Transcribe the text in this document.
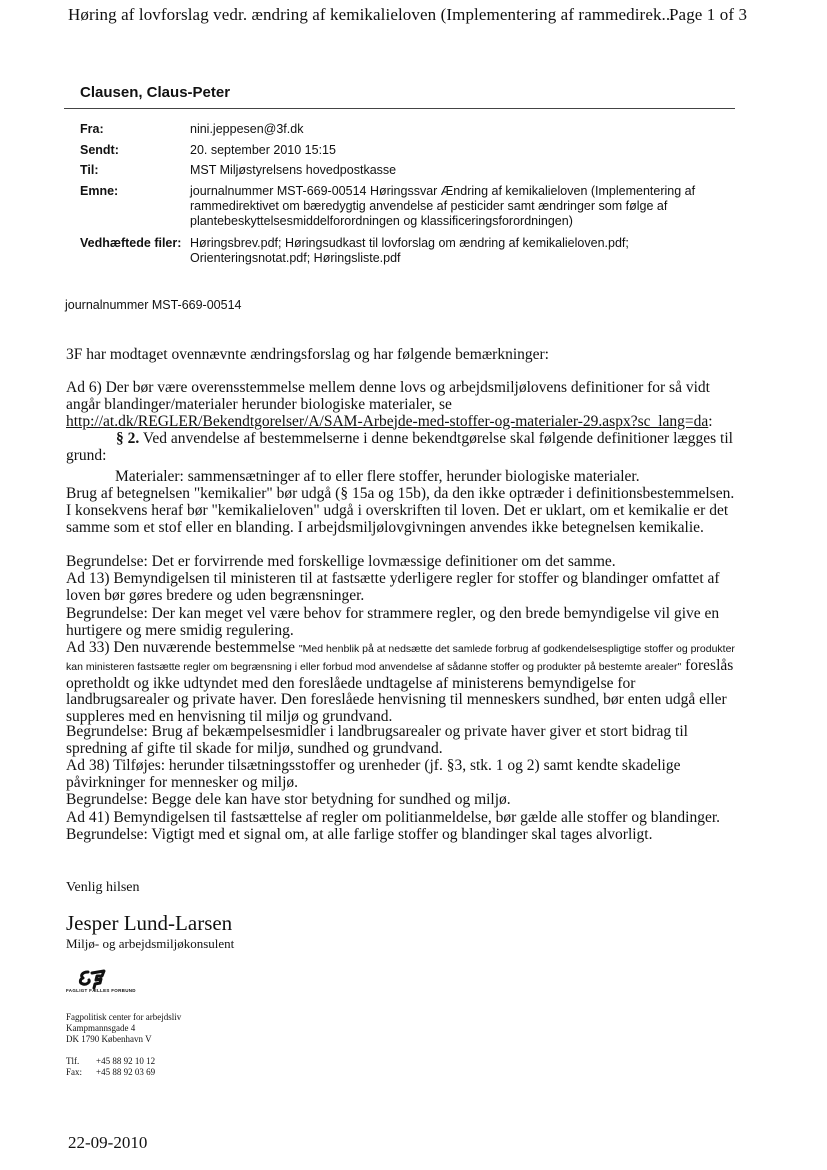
Høring af lovforslag vedr. ændring af kemikalieloven (Implementering af rammedirek...
Page 1 of 3
Clausen, Claus-Peter
Fra:	nini.jeppesen@3f.dk
Sendt:	20. september 2010 15:15
Til:	MST Miljøstyrelsens hovedpostkasse
Emne:	journalnummer MST-669-00514 Høringssvar Ændring af kemikalieloven (Implementering af rammedirektivet om bæredygtig anvendelse af pesticider samt ændringer som følge af plantebeskyttelsesmiddelforordningen og klassificeringsforordningen)
Vedhæftede filer: Høringsbrev.pdf; Høringsudkast til lovforslag om ændring af kemikalieloven.pdf; Orienteringsnotat.pdf; Høringsliste.pdf
journalnummer MST-669-00514
3F har modtaget ovennævnte ændringsforslag og har følgende bemærkninger:
Ad 6) Der bør være overensstemmelse mellem denne lovs og arbejdsmiljølovens definitioner for så vidt angår blandinger/materialer herunder biologiske materialer, se
http://at.dk/REGLER/Bekendtgorelser/A/SAM-Arbejde-med-stoffer-og-materialer-29.aspx?sc_lang=da:
§ 2. Ved anvendelse af bestemmelserne i denne bekendtgørelse skal følgende definitioner lægges til grund:
Materialer: sammensætninger af to eller flere stoffer, herunder biologiske materialer.
Brug af betegnelsen "kemikalier" bør udgå (§ 15a og 15b), da den ikke optræder i definitionsbestemmelsen. I konsekvens heraf bør "kemikalieloven" udgå i overskriften til loven. Det er uklart, om et kemikalie er det samme som et stof eller en blanding. I arbejdsmiljølovgivningen anvendes ikke betegnelsen kemikalie.
Begrundelse: Det er forvirrende med forskellige lovmæssige definitioner om det samme.
Ad 13) Bemyndigelsen til ministeren til at fastsætte yderligere regler for stoffer og blandinger omfattet af loven bør gøres bredere og uden begrænsninger.
Begrundelse: Der kan meget vel være behov for strammere regler, og den brede bemyndigelse vil give en hurtigere og mere smidig regulering.
Ad 33) Den nuværende bestemmelse "Med henblik på at nedsætte det samlede forbrug af godkendelsespligtige stoffer og produkter kan ministeren fastsætte regler om begrænsning i eller forbud mod anvendelse af sådanne stoffer og produkter på bestemte arealer" foreslås opretholdt og ikke udtyndet med den foreslåede undtagelse af ministerens bemyndigelse for landbrugsarealer og private haver. Den foreslåede henvisning til menneskers sundhed, bør enten udgå eller suppleres med en henvisning til miljø og grundvand.
Begrundelse: Brug af bekæmpelsesmidler i landbrugsarealer og private haver giver et stort bidrag til spredning af gifte til skade for miljø, sundhed og grundvand.
Ad 38) Tilføjes: herunder tilsætningsstoffer og urenheder (jf. §3, stk. 1 og 2) samt kendte skadelige påvirkninger for mennesker og miljø.
Begrundelse: Begge dele kan have stor betydning for sundhed og miljø.
Ad 41) Bemyndigelsen til fastsættelse af regler om politianmeldelse, bør gælde alle stoffer og blandinger.
Begrundelse: Vigtigt med et signal om, at alle farlige stoffer og blandinger skal tages alvorligt.
Venlig hilsen
Jesper Lund-Larsen
Miljø- og arbejdsmiljøkonsulent
FAGLIGT FÆLLES FORBUND
Fagpolitisk center for arbejdsliv
Kampmannsgade 4
DK 1790 København V
Tlf. +45 88 92 10 12
Fax: +45 88 92 03 69
22-09-2010
